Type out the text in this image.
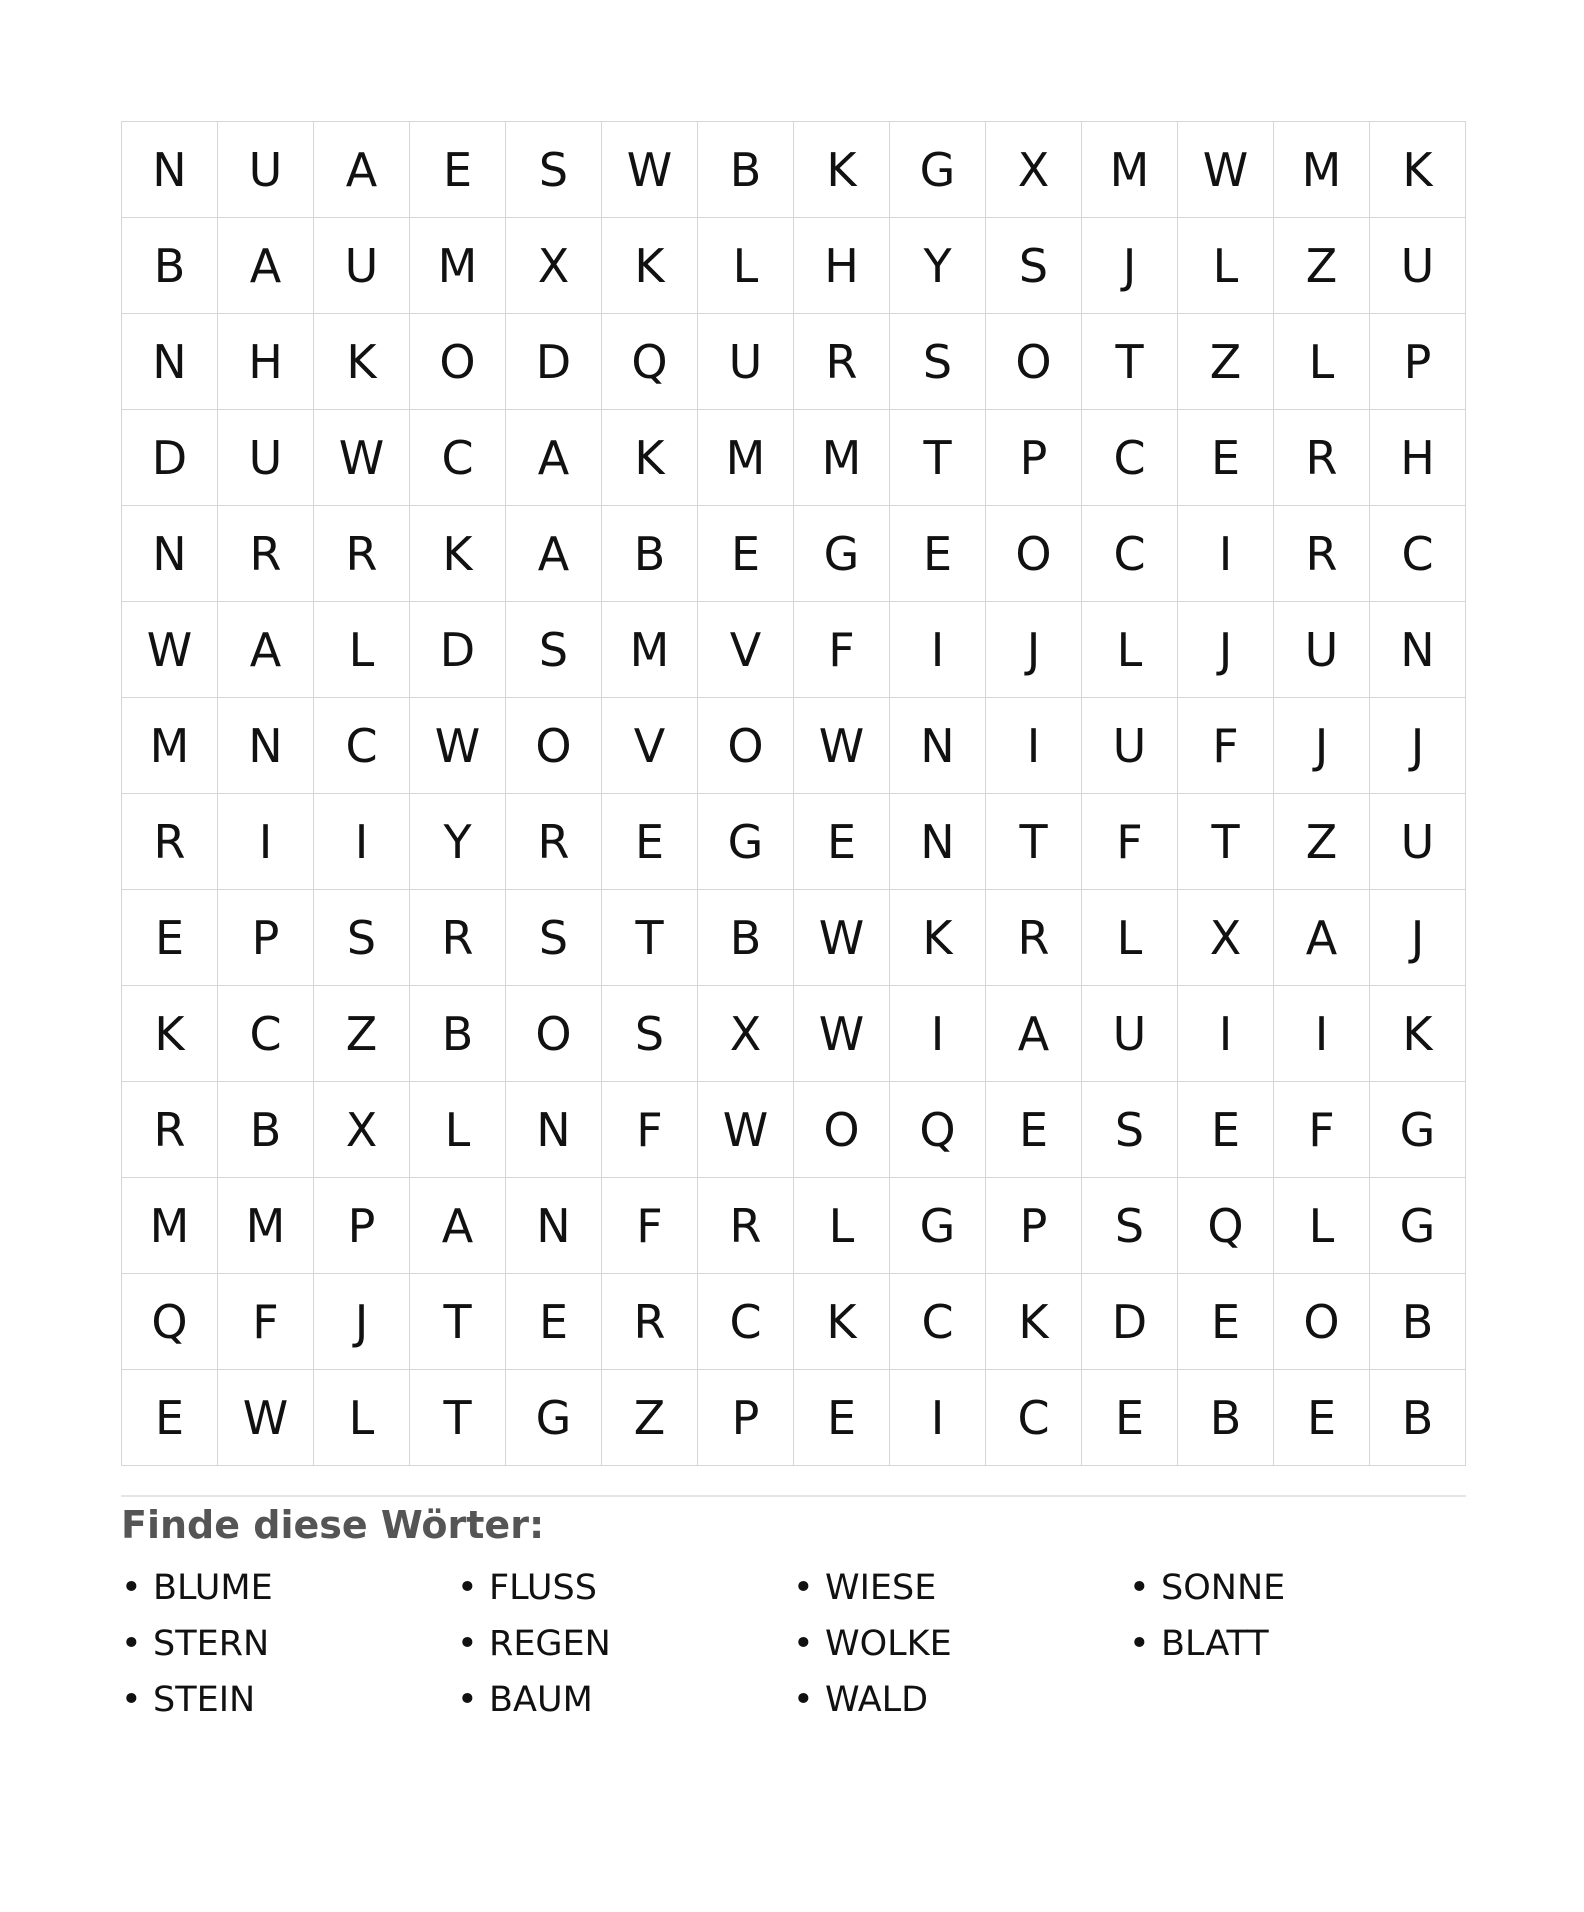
N	U	A	E	S	W	B	K	G	X	M	W	M	K
B	A	U	M	X	K	L	H	Y	S	J	L	Z	U
N	H	K	O	D	Q	U	R	S	O	T	Z	L	P
D	U	W	C	A	K	M	M	T	P	C	E	R	H
N	R	R	K	A	B	E	G	E	O	C	I	R	C
W	A	L	D	S	M	V	F	I	J	L	J	U	N
M	N	C	W	O	V	O	W	N	I	U	F	J	J
R	I	I	Y	R	E	G	E	N	T	F	T	Z	U
E	P	S	R	S	T	B	W	K	R	L	X	A	J
K	C	Z	B	O	S	X	W	I	A	U	I	I	K
R	B	X	L	N	F	W	O	Q	E	S	E	F	G
M	M	P	A	N	F	R	L	G	P	S	Q	L	G
Q	F	J	T	E	R	C	K	C	K	D	E	O	B
E	W	L	T	G	Z	P	E	I	C	E	B	E	B
Finde diese Wörter:
• BLUME	• FLUSS	• WIESE	• SONNE
• STERN	• REGEN	• WOLKE	• BLATT
• STEIN	• BAUM	• WALD
